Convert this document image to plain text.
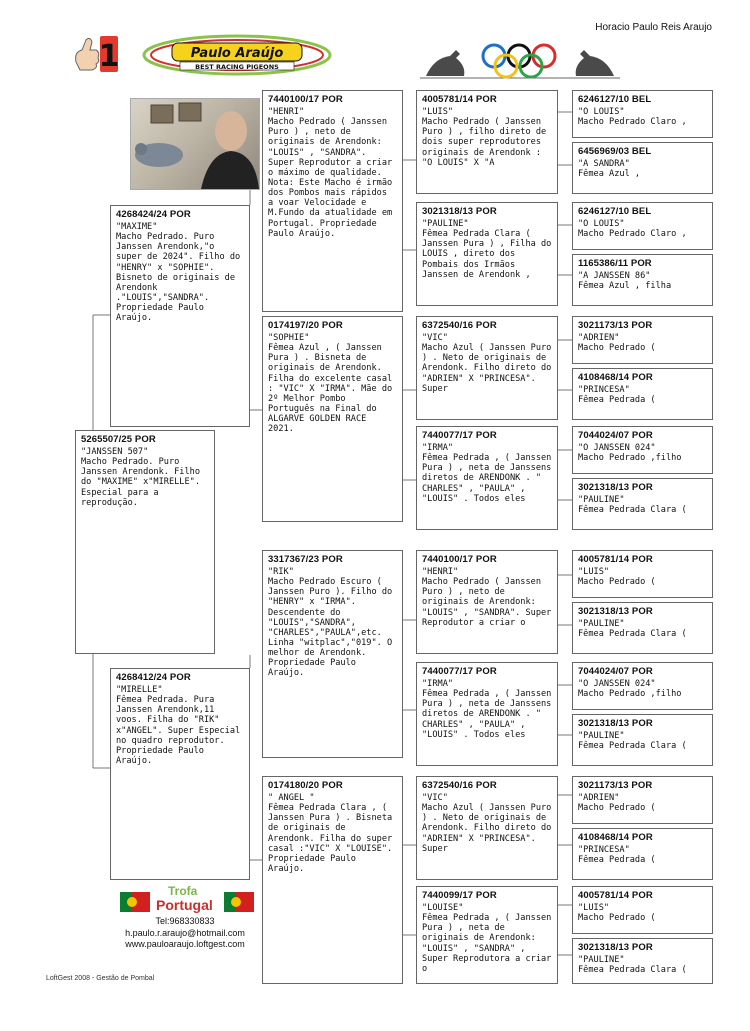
1	Paulo Araújo
BEST RACING PIGEONS
Horacio Paulo Reis Araujo
5265507/25 POR
"JANSSEN 507"
Macho Pedrado. Puro Janssen Arendonk. Filho do "MAXIME" x"MIRELLE". Especial para a reprodução.
4268424/24 POR
"MAXIME"
Macho Pedrado. Puro Janssen Arendonk,"o super de 2024". Filho do "HENRY" x "SOPHIE". Bisneto de originais de Arendonk ."LOUIS","SANDRA". Propriedade Paulo Araújo.
4268412/24 POR
"MIRELLE"
Fêmea Pedrada. Pura Janssen Arendonk,11 voos. Filha do "RIK" x"ANGEL". Super Especial no quadro reprodutor. Propriedade Paulo Araújo.
7440100/17 POR
"HENRI"
Macho Pedrado ( Janssen Puro ) , neto de originais de Arendonk: "LOUIS" , "SANDRA". Super Reprodutor a criar o máximo de qualidade. Nota: Este Macho é irmão dos Pombos mais rápidos a voar Velocidade e M.Fundo da atualidade em Portugal. Propriedade Paulo Araújo.
0174197/20 POR
"SOPHIE"
Fêmea Azul , ( Janssen Pura ) . Bisneta de originais de Arendonk. Filha do excelente casal : "VIC" X "IRMA". Mãe do 2º Melhor Pombo Português na Final do ALGARVE GOLDEN RACE 2021.
3317367/23 POR
"RIK"
Macho Pedrado Escuro ( Janssen Puro ). Filho do "HENRY" x "IRMA". Descendente do "LOUIS","SANDRA", "CHARLES","PAULA",etc. Linha "witplac","019". O melhor de Arendonk. Propriedade Paulo Araújo.
0174180/20 POR
" ANGEL "
Fêmea Pedrada Clara , ( Janssen Pura ) . Bisneta de originais de Arendonk. Filha do super casal :"VIC" X "LOUISE". Propriedade Paulo Araújo.
4005781/14 POR
"LUIS"
Macho Pedrado ( Janssen Puro ) , filho direto de dois super reprodutores originais de Arendonk : "O LOUIS" X "A
3021318/13 POR
"PAULINE"
Fêmea Pedrada Clara ( Janssen Pura ) , Filha do LOUIS , direto dos Pombais dos Irmãos Janssen de Arendonk ,
6372540/16 POR
"VIC"
Macho Azul ( Janssen Puro ) . Neto de originais de Arendonk. Filho direto do "ADRIEN" X "PRINCESA". Super
7440077/17 POR
"IRMA"
Fêmea Pedrada , ( Janssen Pura ) , neta de Janssens diretos de ARENDONK . " CHARLES" , "PAULA" , "LOUIS" . Todos eles
7440100/17 POR
"HENRI"
Macho Pedrado ( Janssen Puro ) , neto de originais de Arendonk: "LOUIS" , "SANDRA". Super Reprodutor a criar o
7440077/17 POR
"IRMA"
Fêmea Pedrada , ( Janssen Pura ) , neta de Janssens diretos de ARENDONK . " CHARLES" , "PAULA" , "LOUIS" . Todos eles
6372540/16 POR
"VIC"
Macho Azul ( Janssen Puro ) . Neto de originais de Arendonk. Filho direto do "ADRIEN" X "PRINCESA". Super
7440099/17 POR
"LOUISE"
Fêmea Pedrada , ( Janssen Pura ) , neta de originais de Arendonk: "LOUIS" , "SANDRA" , Super Reprodutora a criar o
6246127/10 BEL
"O LOUIS"
Macho Pedrado Claro ,
6456969/03 BEL
"A SANDRA"
Fêmea Azul ,
6246127/10 BEL
"O LOUIS"
Macho Pedrado Claro ,
1165386/11 POR
"A JANSSEN 86"
Fêmea Azul , filha
3021173/13 POR
"ADRIEN"
Macho Pedrado (
4108468/14 POR
"PRINCESA"
Fêmea Pedrada (
7044024/07 POR
"O JANSSEN 024"
Macho Pedrado ,filho
3021318/13 POR
"PAULINE"
Fêmea Pedrada Clara (
4005781/14 POR
"LUIS"
Macho Pedrado (
3021318/13 POR
"PAULINE"
Fêmea Pedrada Clara (
7044024/07 POR
"O JANSSEN 024"
Macho Pedrado ,filho
3021318/13 POR
"PAULINE"
Fêmea Pedrada Clara (
3021173/13 POR
"ADRIEN"
Macho Pedrado (
4108468/14 POR
"PRINCESA"
Fêmea Pedrada (
4005781/14 POR
"LUIS"
Macho Pedrado (
3021318/13 POR
"PAULINE"
Fêmea Pedrada Clara (
Trofa
Portugal
Tel:968330833
h.paulo.r.araujo@hotmail.com
www.pauloaraujo.loftgest.com
LoftGest 2008 - Gestão de Pombal
